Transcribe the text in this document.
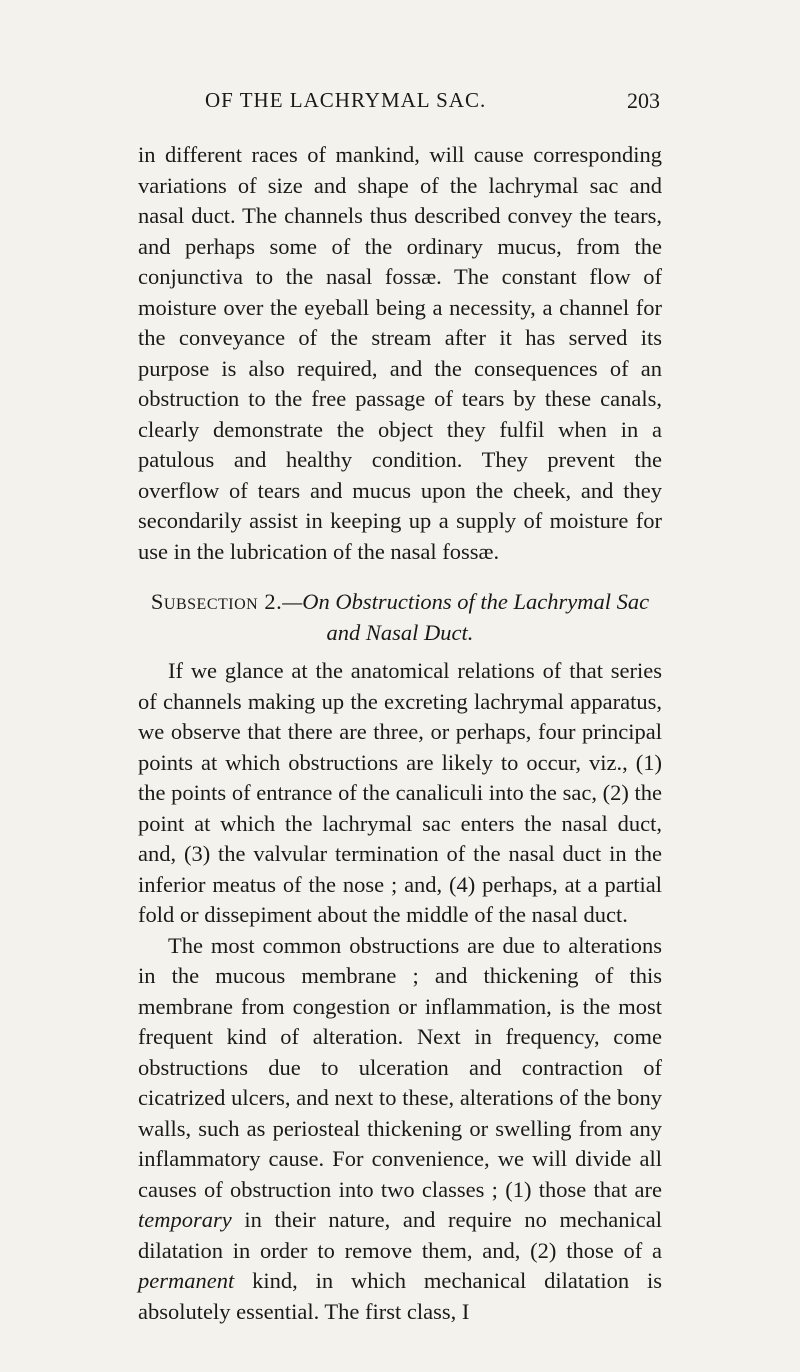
OF THE LACHRYMAL SAC.	203

in different races of mankind, will cause corresponding variations of size and shape of the lachrymal sac and nasal duct. The channels thus described convey the tears, and perhaps some of the ordinary mucus, from the conjunctiva to the nasal fossæ. The constant flow of moisture over the eyeball being a necessity, a channel for the conveyance of the stream after it has served its purpose is also required, and the consequences of an obstruction to the free passage of tears by these canals, clearly demonstrate the object they fulfil when in a patulous and healthy condition. They prevent the overflow of tears and mucus upon the cheek, and they secondarily assist in keeping up a supply of moisture for use in the lubrication of the nasal fossæ.

Subsection 2.—On Obstructions of the Lachrymal Sac and Nasal Duct.

If we glance at the anatomical relations of that series of channels making up the excreting lachrymal apparatus, we observe that there are three, or perhaps, four principal points at which obstructions are likely to occur, viz., (1) the points of entrance of the canaliculi into the sac, (2) the point at which the lachrymal sac enters the nasal duct, and, (3) the valvular termination of the nasal duct in the inferior meatus of the nose ; and, (4) perhaps, at a partial fold or dissepiment about the middle of the nasal duct.

The most common obstructions are due to alterations in the mucous membrane ; and thickening of this membrane from congestion or inflammation, is the most frequent kind of alteration. Next in frequency, come obstructions due to ulceration and contraction of cicatrized ulcers, and next to these, alterations of the bony walls, such as periosteal thickening or swelling from any inflammatory cause. For convenience, we will divide all causes of obstruction into two classes ; (1) those that are temporary in their nature, and require no mechanical dilatation in order to remove them, and, (2) those of a permanent kind, in which mechanical dilatation is absolutely essential. The first class, I
